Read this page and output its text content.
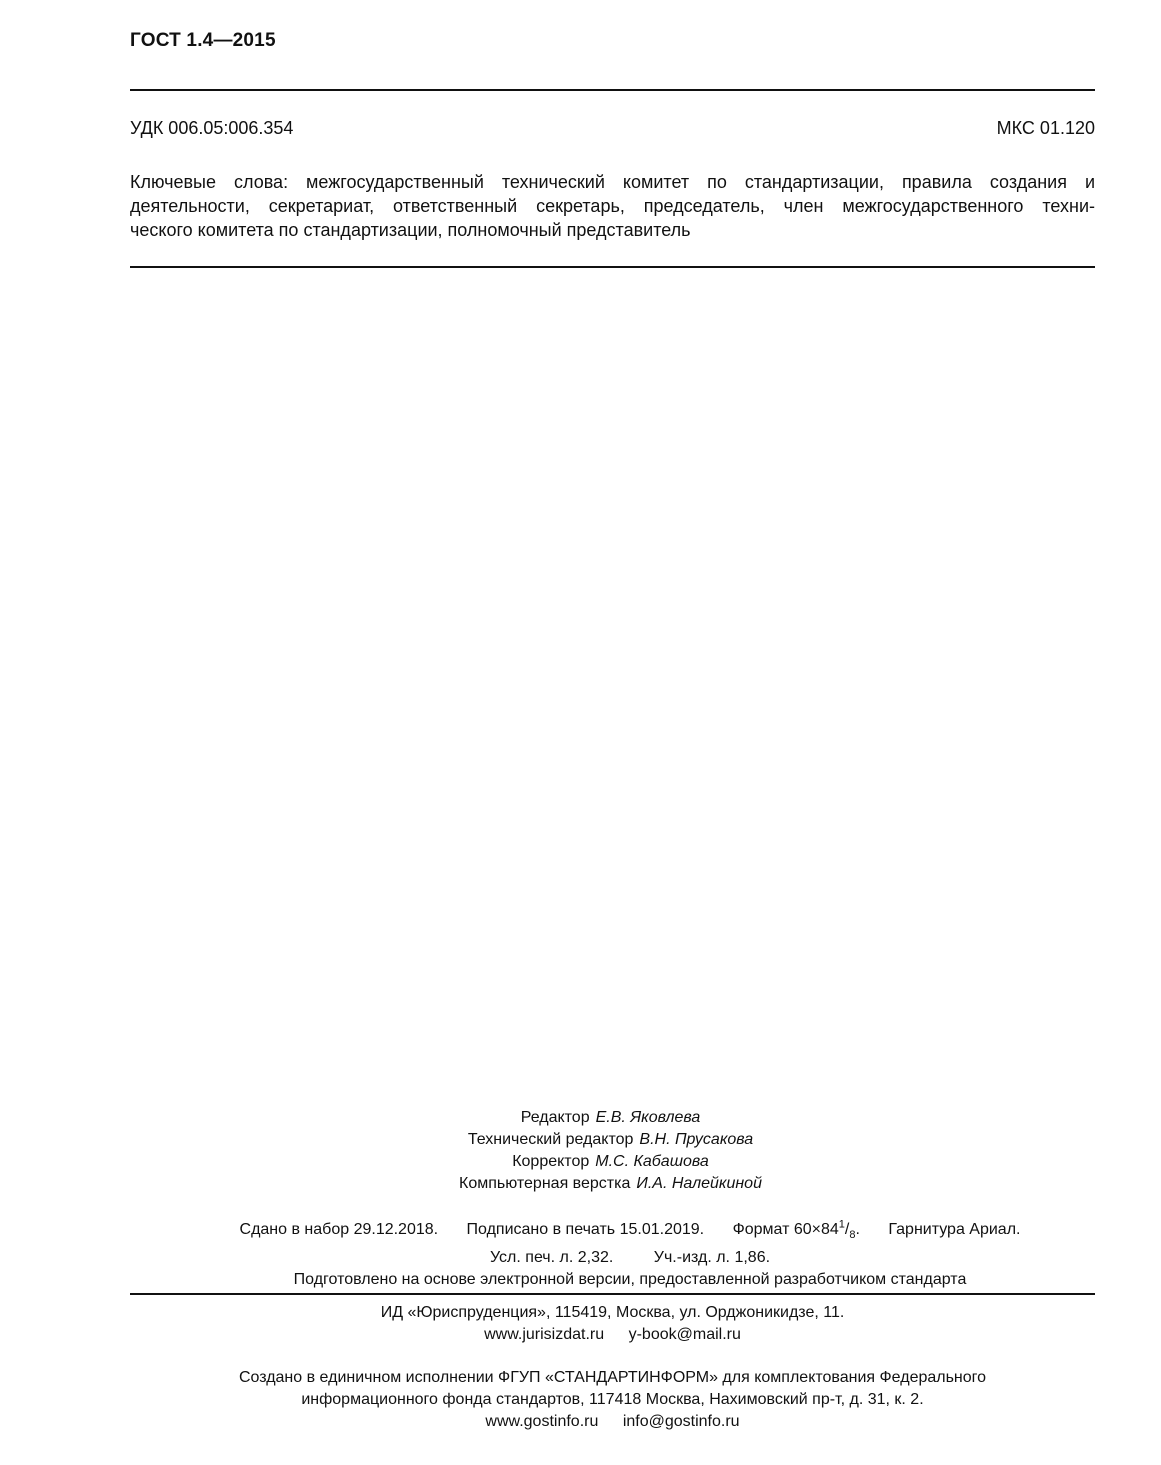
ГОСТ 1.4—2015
УДК 006.05:006.354	МКС 01.120
Ключевые слова: межгосударственный технический комитет по стандартизации, правила создания и
деятельности, секретариат, ответственный секретарь, председатель, член межгосударственного техни-
ческого комитета по стандартизации, полномочный представитель
Редактор Е.В. Яковлева
Технический редактор В.Н. Прусакова
Корректор М.С. Кабашова
Компьютерная верстка И.А. Налейкиной
Сдано в набор 29.12.2018. Подписано в печать 15.01.2019. Формат $60\times 84^1/_8$. Гарнитура Ариал.
Усл. печ. л. 2,32.	Уч.-изд. л. 1,86.
Подготовлено на основе электронной версии, предоставленной разработчиком стандарта
ИД «Юриспруденция», 115419, Москва, ул. Орджоникидзе, 11.
www.jurisizdat.ru y-book@mail.ru
Создано в единичном исполнении ФГУП «СТАНДАРТИНФОРМ» для комплектования Федерального
информационного фонда стандартов, 117418 Москва, Нахимовский пр-т, д. 31, к. 2.
www.gostinfo.ru info@gostinfo.ru
